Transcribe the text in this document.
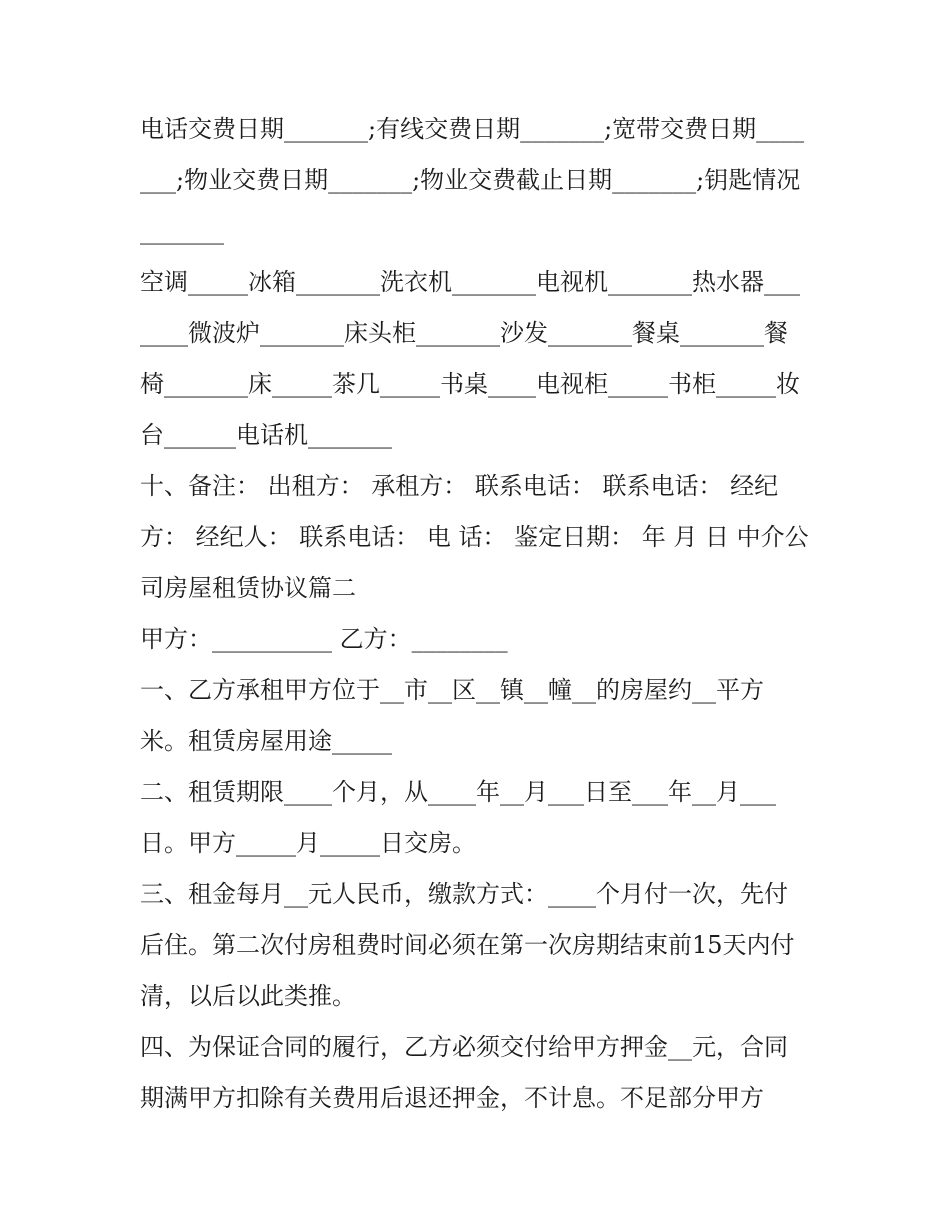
电话交费日期_______;有线交费日期_______;宽带交费日期_______;物业交费日期_______;物业交费截止日期_______;钥匙情况_______

空调_____冰箱_______洗衣机_______电视机_______热水器_______微波炉_______床头柜_______沙发_______餐桌_______餐椅_______床_____茶几_____书桌____电视柜_____书柜_____妆台______电话机_______

十、备注： 出租方： 承租方： 联系电话： 联系电话： 经纪方： 经纪人： 联系电话： 电 话： 鉴定日期： 年 月 日 中介公司房屋租赁协议篇二

甲方：__________ 乙方：________

一、乙方承租甲方位于__市__区__镇__幢__的房屋约__平方米。租赁房屋用途_____

二、租赁期限____个月，从____年__月___日至___年__月___日。甲方_____月_____日交房。

三、租金每月__元人民币，缴款方式：____个月付一次，先付后住。第二次付房租费时间必须在第一次房期结束前15天内付清，以后以此类推。

四、为保证合同的履行，乙方必须交付给甲方押金__元，合同期满甲方扣除有关费用后退还押金，不计息。不足部分甲方
